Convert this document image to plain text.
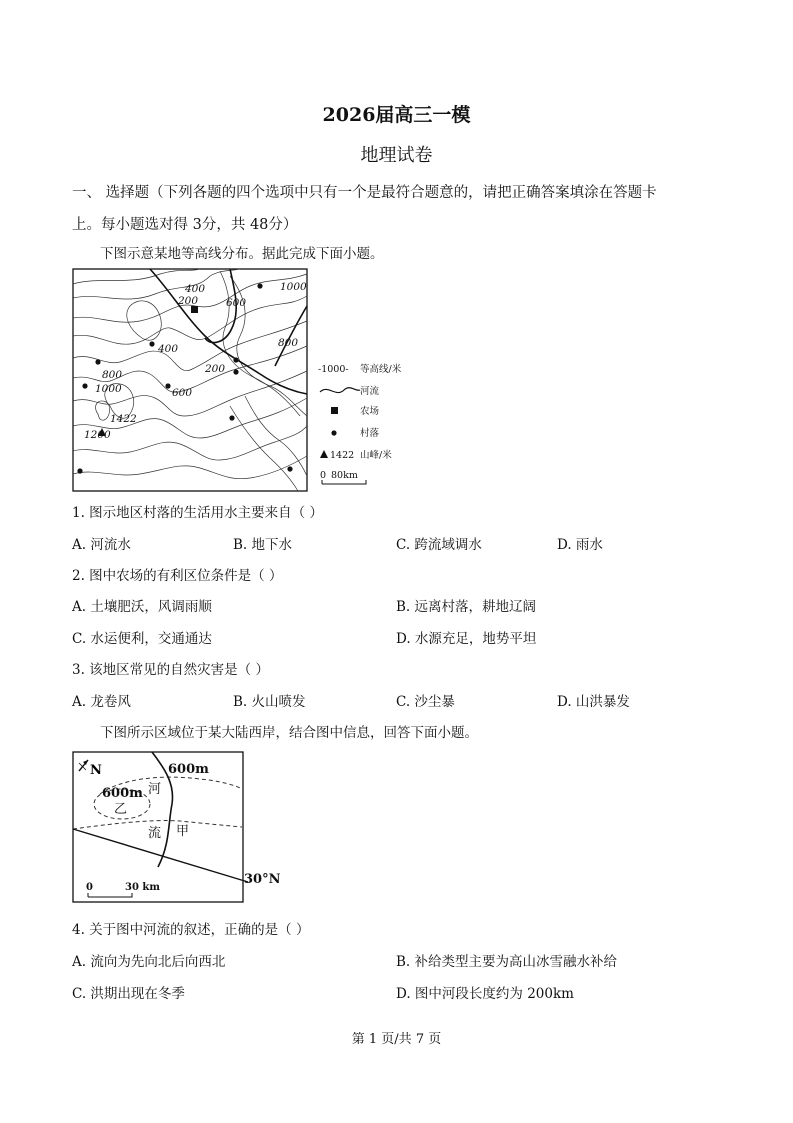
2026届高三一模
地理试卷
一、 选择题（下列各题的四个选项中只有一个是最符合题意的，请把正确答案填涂在答题卡
上。每小题选对得 3分，共 48分）
下图示意某地等高线分布。据此完成下面小题。
400
200	600
1000
800
400
200
800
1000	600
1200
1422
-1000- 等高线/米
河流
农场
村落
1422 山峰/米
0 80km
1. 图示地区村落的生活用水主要来自（ ）
A. 河流水	B. 地下水	C. 跨流域调水	D. 雨水
2. 图中农场的有利区位条件是（ ）
A. 土壤肥沃，风调雨顺	B. 远离村落，耕地辽阔
C. 水运便利，交通通达	D. 水源充足，地势平坦
3. 该地区常见的自然灾害是（ ）
A. 龙卷风	B. 火山喷发	C. 沙尘暴	D. 山洪暴发
下图所示区域位于某大陆西岸，结合图中信息，回答下面小题。
N	600m
600m
乙
河
流 甲
30°N
0	30 km
4. 关于图中河流的叙述，正确的是（ ）
A. 流向为先向北后向西北	B. 补给类型主要为高山冰雪融水补给
C. 洪期出现在冬季	D. 图中河段长度约为 200km
第 1 页/共 7 页
